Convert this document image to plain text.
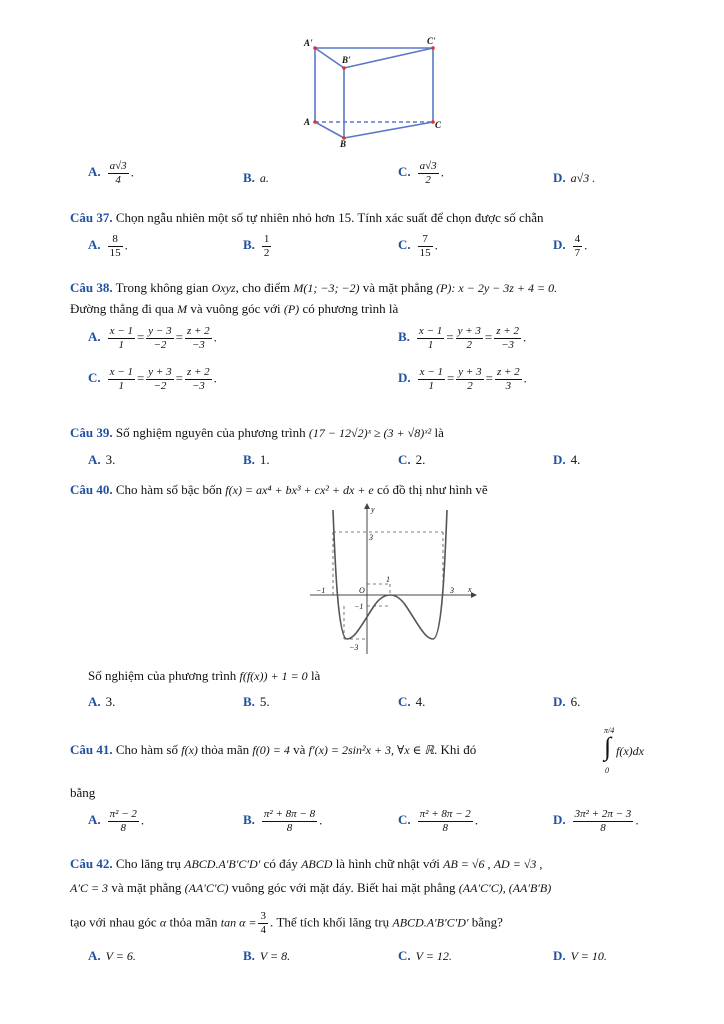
A'	C'
B'
A	C
B
A. $\frac{a√3}{4}$ .	B. a.	C. $\frac{a√3}{2}$ .	D. a√3 .
Câu 37. Chọn ngẫu nhiên một số tự nhiên nhỏ hơn 15. Tính xác suất để chọn được số chẵn
A. $\frac{8}{15}$ .	B. $\frac{1}{2}$	C. $\frac{7}{15}$ .	D. $\frac{4}{7}$ .
Câu 38. Trong không gian Oxyz, cho điểm M(1; −3; −2) và mặt phẳng (P): x − 2y − 3z + 4 = 0.
Đường thẳng đi qua M và vuông góc với (P) có phương trình là
A. $\frac{x - 1}{1} = \frac{y - 3}{-2} = \frac{z + 2}{-3}$ .	B. $\frac{x - 1}{1} = \frac{y + 3}{2} = \frac{z + 2}{-3}$ .
C. $\frac{x - 1}{1} = \frac{y + 3}{-2} = \frac{z + 2}{-3}$ .	D. $\frac{x - 1}{1} = \frac{y + 3}{2} = \frac{z + 2}{3}$ .
Câu 39. Số nghiệm nguyên của phương trình (17 − 12√2)ˣ ≥ (3 + √8)ˣ² là
A. 3.	B. 1.	C. 2.	D. 4.
Câu 40. Cho hàm số bậc bốn f(x) = ax⁴ + bx³ + cx² + dx + e có đồ thị như hình vẽ
y
x
O
3
1
−1
−1
3
−3
Số nghiệm của phương trình f(f(x)) + 1 = 0 là
A. 3.	B. 5.	C. 4.	D. 6.
Câu 41. Cho hàm số f(x) thỏa mãn f(0) = 4 và f′(x) = 2sin²x + 3, ∀x ∈ ℝ. Khi đó
π/4
∫
0
f(x)dx
bằng
A. $\frac{\text{π² − 2}}{8}$ .	B. $\frac{\text{π² + 8π − 8}}{8}$ .	C. $\frac{\text{π² + 8π − 2}}{8}$ .	D. $\frac{\text{3π² + 2π − 3}}{8}$ .
Câu 42. Cho lăng trụ ABCD.A′B′C′D′ có đáy ABCD là hình chữ nhật với AB = √6 , AD = √3 ,
A′C = 3 và mặt phẳng (AA′C′C) vuông góc với mặt đáy. Biết hai mặt phẳng (AA′C′C), (AA′B′B)
tạo với nhau góc α thỏa mãn $\tan \alpha = \frac{3}{4}$ . Thể tích khối lăng trụ ABCD.A′B′C′D′ bằng?
A. V = 6.	B. V = 8.	C. V = 12.	D. V = 10.
